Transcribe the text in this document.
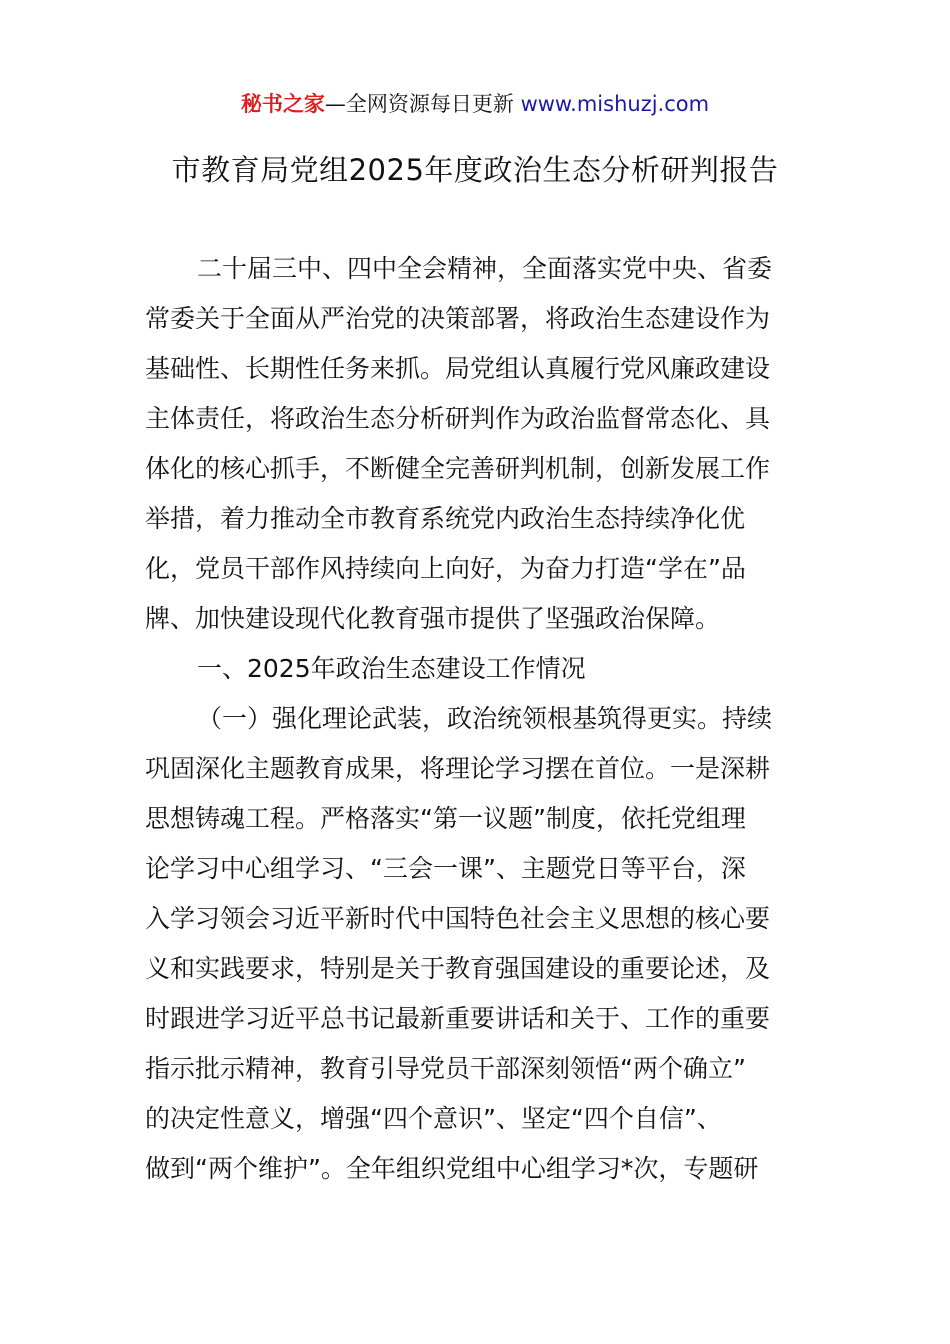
秘书之家—全网资源每日更新 www.mishuzj.com
市教育局党组2025年度政治生态分析研判报告

二十届三中、四中全会精神，全面落实党中央、省委

常委关于全面从严治党的决策部署，将政治生态建设作为

基础性、长期性任务来抓。局党组认真履行党风廉政建设

主体责任，将政治生态分析研判作为政治监督常态化、具

体化的核心抓手，不断健全完善研判机制，创新发展工作

举措，着力推动全市教育系统党内政治生态持续净化优

化，党员干部作风持续向上向好，为奋力打造“学在”品

牌、加快建设现代化教育强市提供了坚强政治保障。

一、2025年政治生态建设工作情况

（一）强化理论武装，政治统领根基筑得更实。持续

巩固深化主题教育成果，将理论学习摆在首位。一是深耕

思想铸魂工程。严格落实“第一议题”制度，依托党组理

论学习中心组学习、“三会一课”、主题党日等平台，深

入学习领会习近平新时代中国特色社会主义思想的核心要

义和实践要求，特别是关于教育强国建设的重要论述，及

时跟进学习近平总书记最新重要讲话和关于、工作的重要

指示批示精神，教育引导党员干部深刻领悟“两个确立”

的决定性意义，增强“四个意识”、坚定“四个自信”、

做到“两个维护”。全年组织党组中心组学习*次，专题研
